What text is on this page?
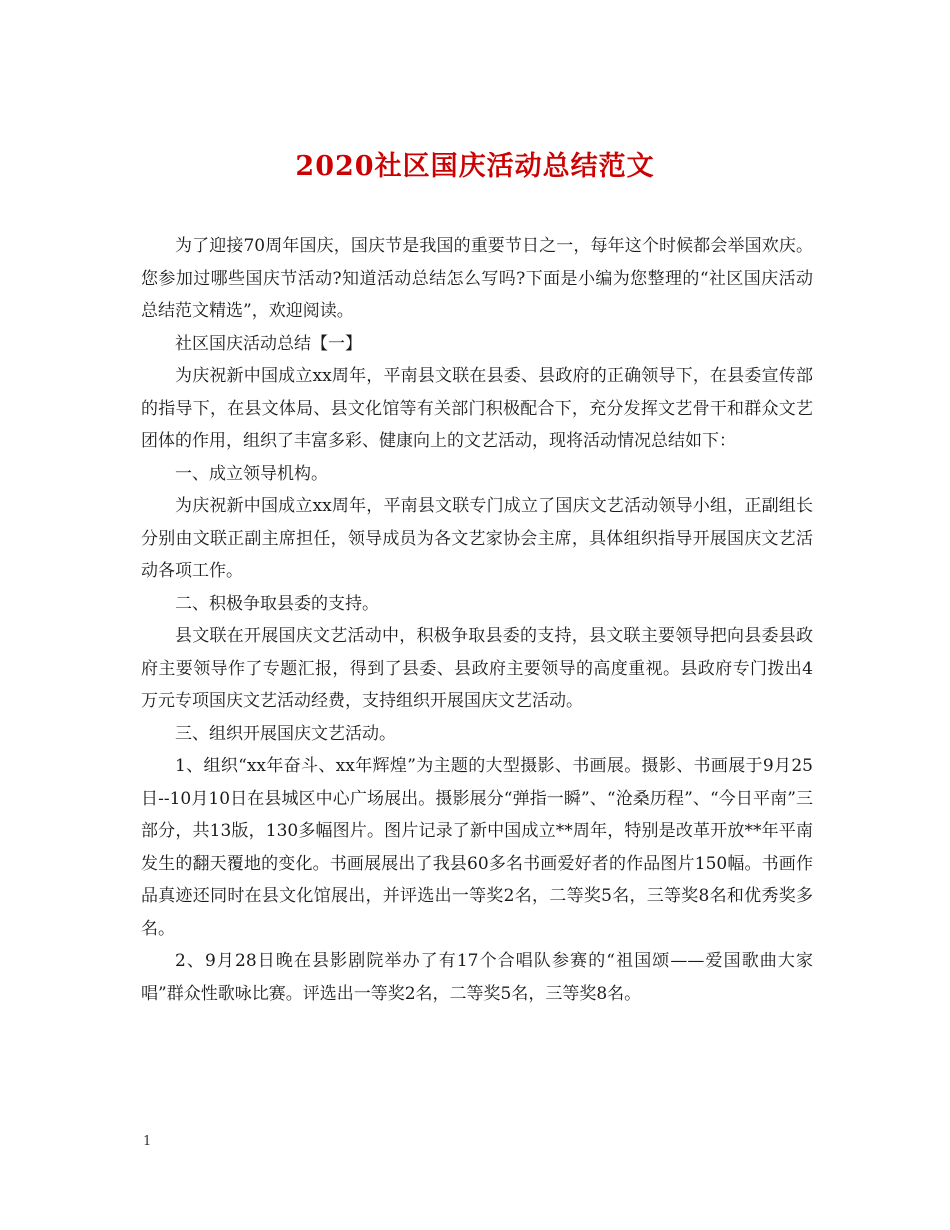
2020社区国庆活动总结范文

为了迎接70周年国庆，国庆节是我国的重要节日之一，每年这个时候都会举国欢庆。您参加过哪些国庆节活动?知道活动总结怎么写吗?下面是小编为您整理的“社区国庆活动总结范文精选”，欢迎阅读。

社区国庆活动总结【一】

为庆祝新中国成立xx周年，平南县文联在县委、县政府的正确领导下，在县委宣传部的指导下，在县文体局、县文化馆等有关部门积极配合下，充分发挥文艺骨干和群众文艺团体的作用，组织了丰富多彩、健康向上的文艺活动，现将活动情况总结如下：

一、成立领导机构。

为庆祝新中国成立xx周年，平南县文联专门成立了国庆文艺活动领导小组，正副组长分别由文联正副主席担任，领导成员为各文艺家协会主席，具体组织指导开展国庆文艺活动各项工作。

二、积极争取县委的支持。

县文联在开展国庆文艺活动中，积极争取县委的支持，县文联主要领导把向县委县政府主要领导作了专题汇报，得到了县委、县政府主要领导的高度重视。县政府专门拨出4万元专项国庆文艺活动经费，支持组织开展国庆文艺活动。

三、组织开展国庆文艺活动。

1、组织“xx年奋斗、xx年辉煌”为主题的大型摄影、书画展。摄影、书画展于9月25日--10月10日在县城区中心广场展出。摄影展分“弹指一瞬”、“沧桑历程”、“今日平南”三部分，共13版，130多幅图片。图片记录了新中国成立**周年，特别是改革开放**年平南发生的翻天覆地的变化。书画展展出了我县60多名书画爱好者的作品图片150幅。书画作品真迹还同时在县文化馆展出，并评选出一等奖2名，二等奖5名，三等奖8名和优秀奖多名。

2、9月28日晚在县影剧院举办了有17个合唱队参赛的“祖国颂——爱国歌曲大家唱”群众性歌咏比赛。评选出一等奖2名，二等奖5名，三等奖8名。

1
